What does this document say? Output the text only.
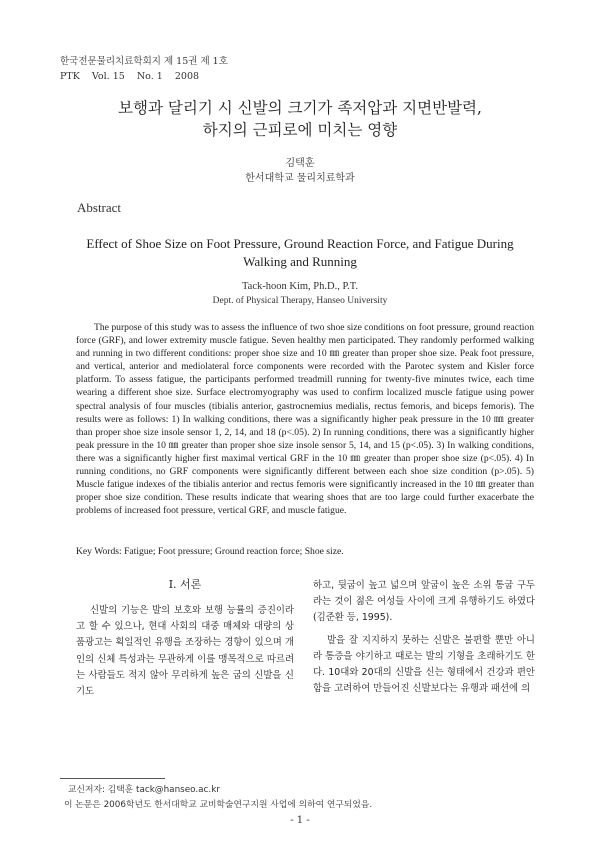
한국전문물리치료학회지 제 15권 제 1호
PTK    Vol. 15    No. 1    2008
보행과 달리기 시 신발의 크기가 족저압과 지면반발력,
하지의 근피로에 미치는 영향
김택훈
한서대학교 물리치료학과
Abstract
Effect of Shoe Size on Foot Pressure, Ground Reaction Force, and Fatigue During
Walking and Running
Tack-hoon Kim, Ph.D., P.T.
Dept. of Physical Therapy, Hanseo University
The purpose of this study was to assess the influence of two shoe size conditions on foot pressure, ground reaction force (GRF), and lower extremity muscle fatigue. Seven healthy men participated. They randomly performed walking and running in two different conditions: proper shoe size and 10 ㎜ greater than proper shoe size. Peak foot pressure, and vertical, anterior and mediolateral force components were recorded with the Parotec system and Kisler force platform. To assess fatigue, the participants performed treadmill running for twenty-five minutes twice, each time wearing a different shoe size. Surface electromyography was used to confirm localized muscle fatigue using power spectral analysis of four muscles (tibialis anterior, gastrocnemius medialis, rectus femoris, and biceps femoris). The results were as follows: 1) In walking conditions, there was a significantly higher peak pressure in the 10 ㎜ greater than proper shoe size insole sensor 1, 2, 14, and 18 (p<.05). 2) In running conditions, there was a significantly higher peak pressure in the 10 ㎜ greater than proper shoe size insole sensor 5, 14, and 15 (p<.05). 3) In walking conditions, there was a significantly higher first maximal vertical GRF in the 10 ㎜ greater than proper shoe size (p<.05). 4) In running conditions, no GRF components were significantly different between each shoe size condition (p>.05). 5) Muscle fatigue indexes of the tibialis anterior and rectus femoris were significantly increased in the 10 ㎜ greater than proper shoe size condition. These results indicate that wearing shoes that are too large could further exacerbate the problems of increased foot pressure, vertical GRF, and muscle fatigue.
Key Words: Fatigue; Foot pressure; Ground reaction force; Shoe size.
I. 서론
신발의 기능은 발의 보호와 보행 능률의 증진이라고 할 수 있으나, 현대 사회의 대중 매체와 대량의 상품광고는 획일적인 유행을 조장하는 경향이 있으며 개인의 신체 특성과는 무관하게 이를 맹목적으로 따르려는 사람들도 적지 않아 무리하게 높은 굽의 신발을 신기도
하고, 뒷굽이 높고 넓으며 앞굽이 높은 소위 통굽 구두라는 것이 젊은 여성들 사이에 크게 유행하기도 하였다(김준환 등, 1995).
발을 잘 지지하지 못하는 신발은 불편할 뿐만 아니라 통증을 야기하고 때로는 발의 기형을 초래하기도 한다. 10대와 20대의 신발을 신는 형태에서 건강과 편안함을 고려하여 만들어진 신발보다는 유행과 패션에 의
교신저자: 김택훈 tack@hanseo.ac.kr
이 논문은 2006학년도 한서대학교 교비학술연구지원 사업에 의하여 연구되었음.
- 1 -
